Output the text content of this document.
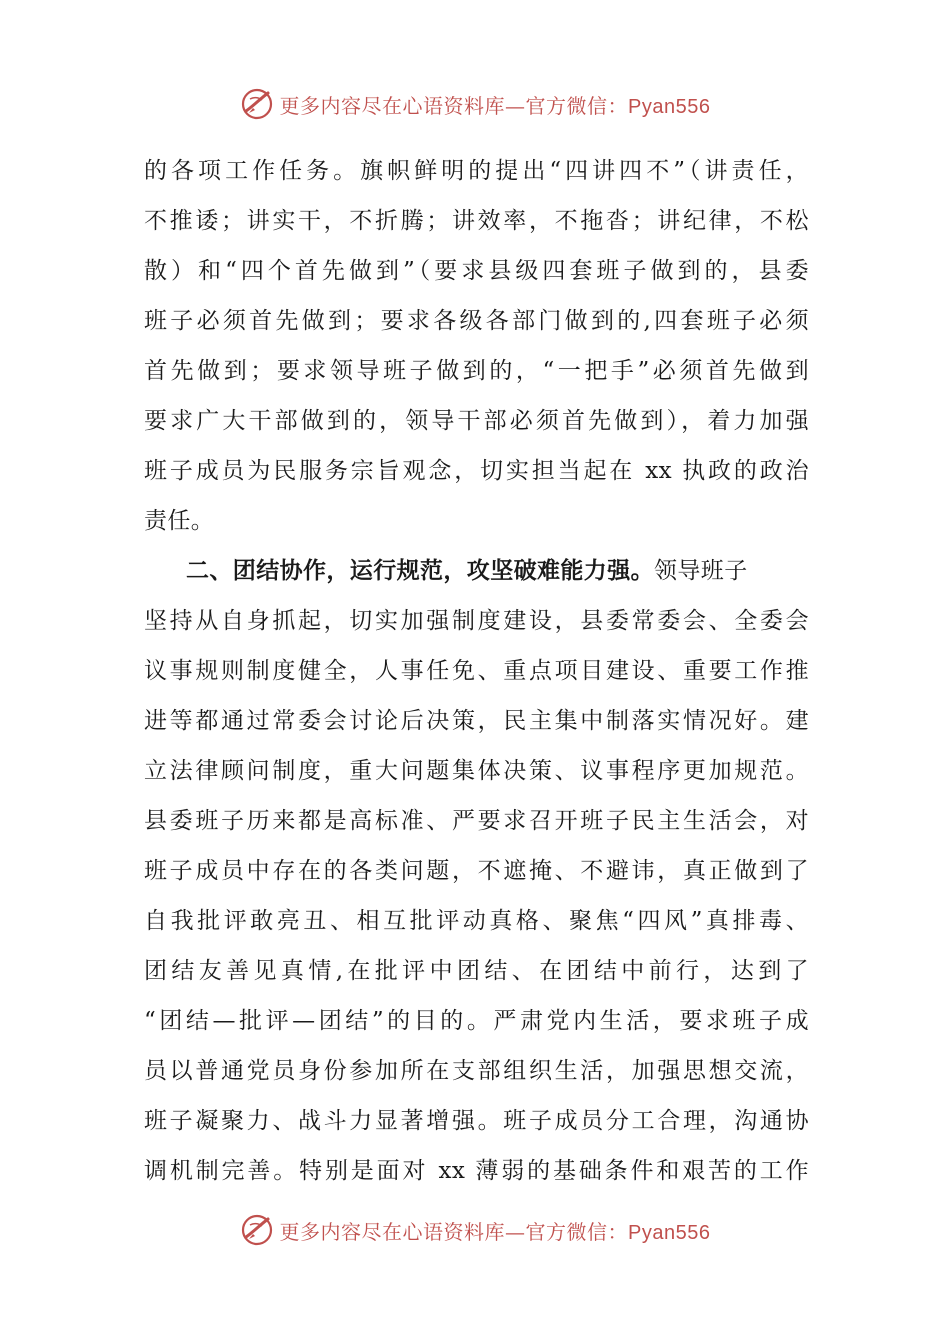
更多内容尽在心语资料库—官方微信：Pyan556
的各项工作任务。旗帜鲜明的提出“四讲四不”（讲责任，
不推诿；讲实干，不折腾；讲效率，不拖沓；讲纪律，不松
散）和“四个首先做到”（要求县级四套班子做到的，县委
班子必须首先做到；要求各级各部门做到的,四套班子必须
首先做到；要求领导班子做到的，“一把手”必须首先做到
要求广大干部做到的，领导干部必须首先做到），着力加强
班子成员为民服务宗旨观念，切实担当起在 xx 执政的政治
责任。
二、团结协作，运行规范，攻坚破难能力强。领导班子
坚持从自身抓起，切实加强制度建设，县委常委会、全委会
议事规则制度健全，人事任免、重点项目建设、重要工作推
进等都通过常委会讨论后决策，民主集中制落实情况好。建
立法律顾问制度，重大问题集体决策、议事程序更加规范。
县委班子历来都是高标准、严要求召开班子民主生活会，对
班子成员中存在的各类问题，不遮掩、不避讳，真正做到了
自我批评敢亮丑、相互批评动真格、聚焦“四风”真排毒、
团结友善见真情,在批评中团结、在团结中前行，达到了
“团结—批评—团结”的目的。严肃党内生活，要求班子成
员以普通党员身份参加所在支部组织生活，加强思想交流，
班子凝聚力、战斗力显著增强。班子成员分工合理，沟通协
调机制完善。特别是面对 xx 薄弱的基础条件和艰苦的工作
更多内容尽在心语资料库—官方微信：Pyan556
